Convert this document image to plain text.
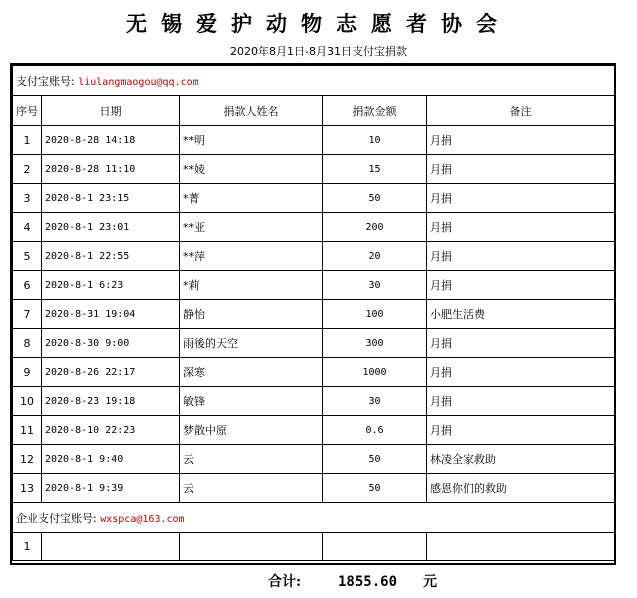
无锡爱护动物志愿者协会
2020年8月1日-8月31日支付宝捐款
支付宝账号: liulangmaogou@qq.com				
序号	日期	捐款人姓名	捐款金额	备注
1	2020-8-28 14:18	**明	10	月捐
2	2020-8-28 11:10	**婈	15	月捐
3	2020-8-1 23:15	*菁	50	月捐
4	2020-8-1 23:01	**亚	200	月捐
5	2020-8-1 22:55	**萍	20	月捐
6	2020-8-1 6:23	*莉	30	月捐
7	2020-8-31 19:04	静怡	100	小肥生活费
8	2020-8-30 9:00	雨後的天空	300	月捐
9	2020-8-26 22:17	深寒	1000	月捐
10	2020-8-23 19:18	敏锋	30	月捐
11	2020-8-10 22:23	梦散中原	0.6	月捐
12	2020-8-1 9:40	云	50	林凌全家救助
13	2020-8-1 9:39	云	50	感恩你们的救助
企业支付宝账号: wxspca@163.com				
1				
合计:	1855.60 元
